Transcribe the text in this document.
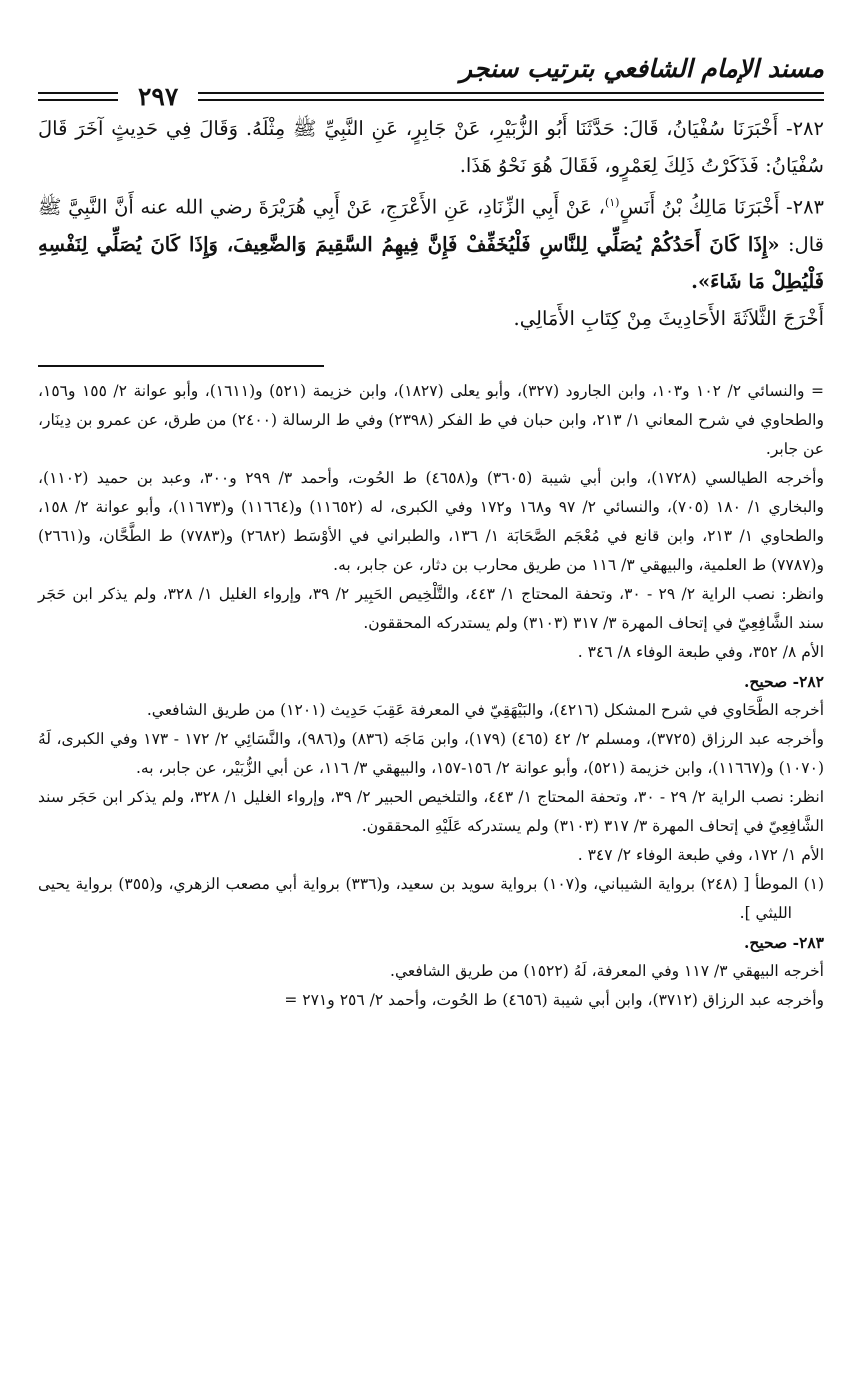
مسند الإمام الشافعي بترتيب سنجر
٢٩٧

٢٨٢- أَخْبَرَنَا سُفْيَانُ، قَالَ: حَدَّثَنَا أَبُو الزُّبَيْرِ، عَنْ جَابِرٍ، عَنِ النَّبِيِّ ﷺ مِثْلَهُ. وَقَالَ فِي حَدِيثٍ آخَرَ قَالَ سُفْيَانُ: فَذَكَرْتُ ذَلِكَ لِعَمْرٍو، فَقَالَ هُوَ نَحْوُ هَذَا.

٢٨٣- أَخْبَرَنَا مَالِكُ بْنُ أَنَسٍ$^{(١)}$، عَنْ أَبِي الزِّنَادِ، عَنِ الأَعْرَجِ، عَنْ أَبِي هُرَيْرَةَ رضي الله عنه أَنَّ النَّبِيَّ ﷺ قال: «إِذَا كَانَ أَحَدُكُمْ يُصَلِّي لِلنَّاسِ فَلْيُخَفِّفْ فَإِنَّ فِيهِمُ السَّقِيمَ وَالضَّعِيفَ، وَإِذَا كَانَ يُصَلِّي لِنَفْسِهِ فَلْيُطِلْ مَا شَاءَ».

أَخْرَجَ الثَّلاَثَةَ الأَحَادِيثَ مِنْ كِتَابِ الأَمَالِي.

= والنسائي ٢/ ١٠٢ و١٠٣، وابن الجارود (٣٢٧)، وأبو يعلى (١٨٢٧)، وابن خزيمة (٥٢١) و(١٦١١)، وأبو عوانة ٢/ ١٥٥ و١٥٦، والطحاوي في شرح المعاني ١/ ٢١٣، وابن حبان في ط الفكر (٢٣٩٨) وفي ط الرسالة (٢٤٠٠) من طرق، عن عمرو بن دِينَار، عن جابر.

وأخرجه الطيالسي (١٧٢٨)، وابن أبي شيبة (٣٦٠٥) و(٤٦٥٨) ط الحُوت، وأحمد ٣/ ٢٩٩ و٣٠٠، وعبد بن حميد (١١٠٢)، والبخاري ١/ ١٨٠ (٧٠٥)، والنسائي ٢/ ٩٧ و١٦٨ و١٧٢ وفي الكبرى، له (١١٦٥٢) و(١١٦٦٤) و(١١٦٧٣)، وأبو عوانة ٢/ ١٥٨، والطحاوي ١/ ٢١٣، وابن قانع في مُعْجَم الصَّحَابَة ١/ ١٣٦، والطبراني في الأوْسَط (٢٦٨٢) و(٧٧٨٣) ط الطَّحَّان، و(٢٦٦١) و(٧٧٨٧) ط العلمية، والبيهقي ٣/ ١١٦ من طريق محارب بن دثار، عن جابر، به.

وانظر: نصب الراية ٢/ ٢٩ - ٣٠، وتحفة المحتاج ١/ ٤٤٣، والتَّلْخِيص الحَبِير ٢/ ٣٩، وإرواء الغليل ١/ ٣٢٨، ولم يذكر ابن حَجَر سند الشَّافِعِيّ في إتحاف المهرة ٣/ ٣١٧ (٣١٠٣) ولم يستدركه المحققون.

الأم ٨/ ٣٥٢، وفي طبعة الوفاء ٨/ ٣٤٦ .

٢٨٢- صحيح.

أخرجه الطَّحَاوي في شرح المشكل (٤٢١٦)، والبَيْهَقِيّ في المعرفة عَقِبَ حَدِيث (١٢٠١) من طريق الشافعي.

وأخرجه عبد الرزاق (٣٧٢٥)، ومسلم ٢/ ٤٢ (٤٦٥) (١٧٩)، وابن مَاجَه (٨٣٦) و(٩٨٦)، والنَّسَائِي ٢/ ١٧٢ - ١٧٣ وفي الكبرى، لَهُ (١٠٧٠) و(١١٦٦٧)، وابن خزيمة (٥٢١)، وأبو عوانة ٢/ ١٥٦-١٥٧، والبيهقي ٣/ ١١٦، عن أبي الزُّبَيْر، عن جابر، به.

انظر: نصب الراية ٢/ ٢٩ - ٣٠، وتحفة المحتاج ١/ ٤٤٣، والتلخيص الحبير ٢/ ٣٩، وإرواء الغليل ١/ ٣٢٨، ولم يذكر ابن حَجَر سند الشَّافِعِيّ في إتحاف المهرة ٣/ ٣١٧ (٣١٠٣) ولم يستدركه عَلَيْهِ المحققون.

الأم ١/ ١٧٢، وفي طبعة الوفاء ٢/ ٣٤٧ .

(١) الموطأ [ (٢٤٨) برواية الشيباني، و(١٠٧) برواية سويد بن سعيد، و(٣٣٦) برواية أبي مصعب الزهري، و(٣٥٥) برواية يحيى الليثي ].

٢٨٣- صحيح.

أخرجه البيهقي ٣/ ١١٧ وفي المعرفة، لَهُ (١٥٢٢) من طريق الشافعي.

وأخرجه عبد الرزاق (٣٧١٢)، وابن أبي شيبة (٤٦٥٦) ط الحُوت، وأحمد ٢/ ٢٥٦ و٢٧١ =
